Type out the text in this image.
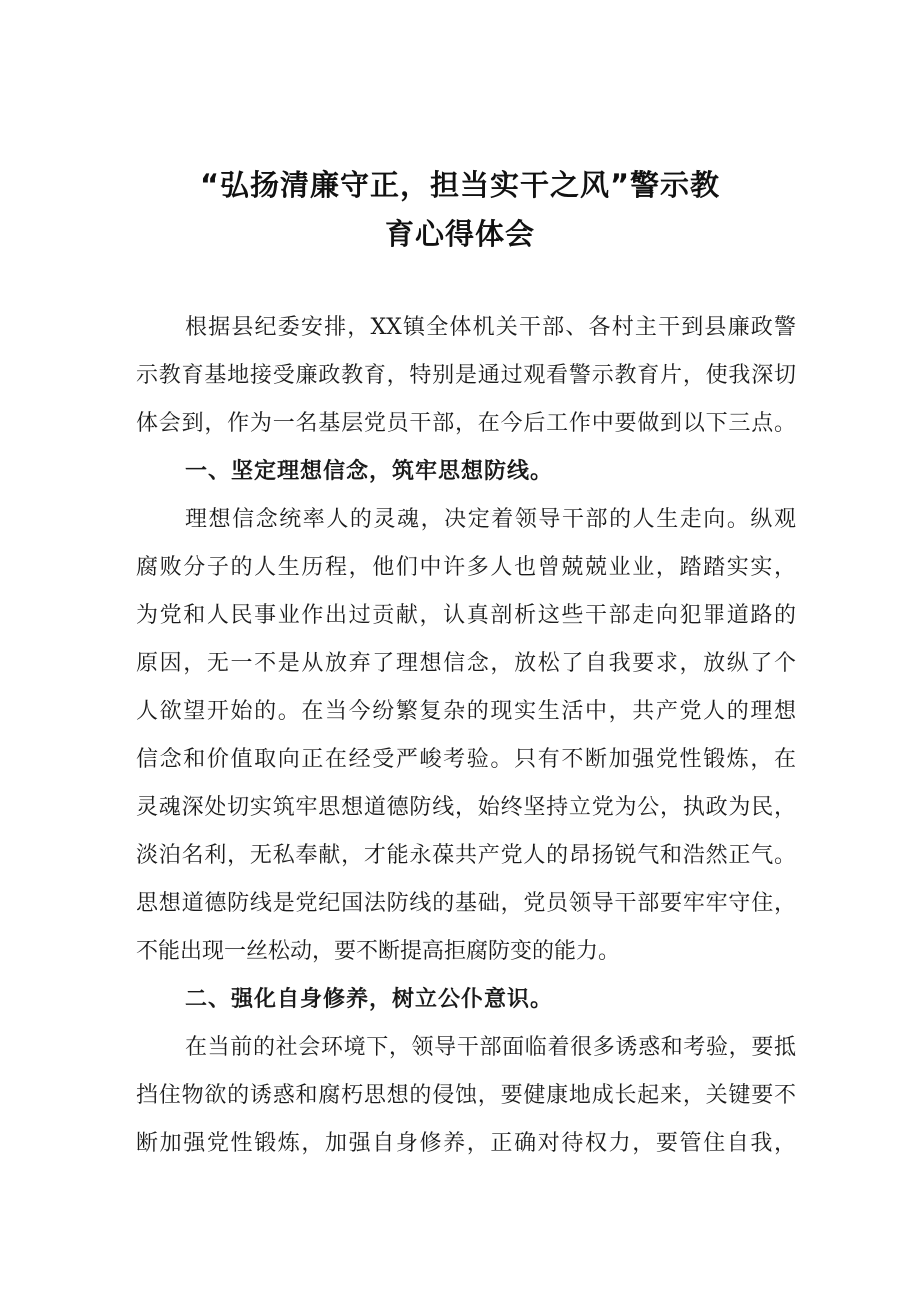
“弘扬清廉守正，担当实干之风”警示教
育心得体会
根据县纪委安排，XX镇全体机关干部、各村主干到县廉政警
示教育基地接受廉政教育，特别是通过观看警示教育片，使我深切
体会到，作为一名基层党员干部，在今后工作中要做到以下三点。
一、坚定理想信念，筑牢思想防线。
理想信念统率人的灵魂，决定着领导干部的人生走向。纵观
腐败分子的人生历程，他们中许多人也曾兢兢业业，踏踏实实，
为党和人民事业作出过贡献，认真剖析这些干部走向犯罪道路的
原因，无一不是从放弃了理想信念，放松了自我要求，放纵了个
人欲望开始的。在当今纷繁复杂的现实生活中，共产党人的理想
信念和价值取向正在经受严峻考验。只有不断加强党性锻炼，在
灵魂深处切实筑牢思想道德防线，始终坚持立党为公，执政为民，
淡泊名利，无私奉献，才能永葆共产党人的昂扬锐气和浩然正气。
思想道德防线是党纪国法防线的基础，党员领导干部要牢牢守住，
不能出现一丝松动，要不断提高拒腐防变的能力。
二、强化自身修养，树立公仆意识。
在当前的社会环境下，领导干部面临着很多诱惑和考验，要抵
挡住物欲的诱惑和腐朽思想的侵蚀，要健康地成长起来，关键要不
断加强党性锻炼，加强自身修养，正确对待权力，要管住自我，
